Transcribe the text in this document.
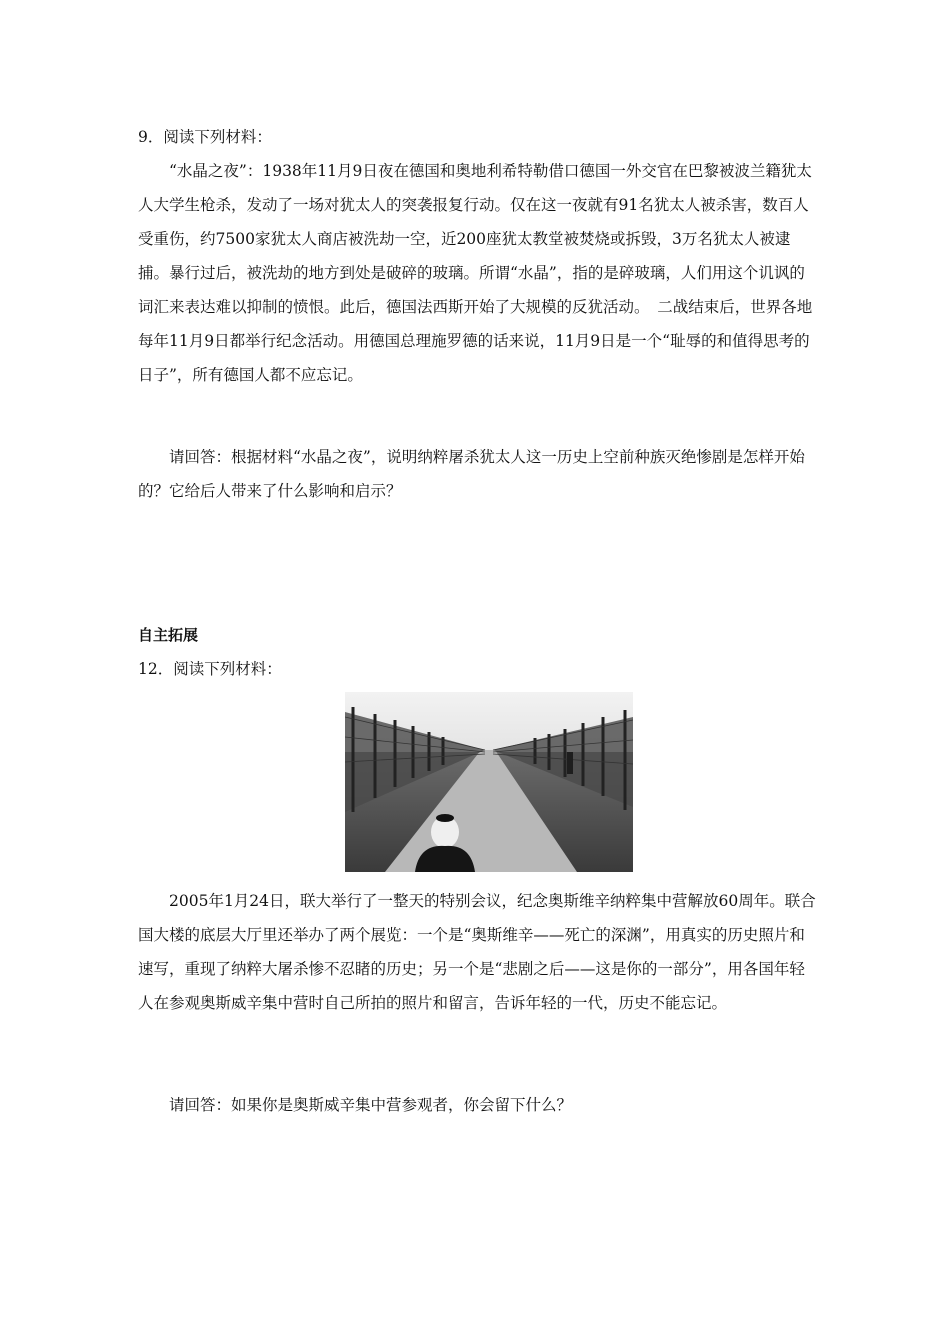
9．阅读下列材料：

“水晶之夜”：1938年11月9日夜在德国和奥地利希特勒借口德国一外交官在巴黎被波兰籍犹太人大学生枪杀，发动了一场对犹太人的突袭报复行动。仅在这一夜就有91名犹太人被杀害，数百人受重伤，约7500家犹太人商店被洗劫一空，近200座犹太教堂被焚烧或拆毁，3万名犹太人被逮捕。暴行过后，被洗劫的地方到处是破碎的玻璃。所谓“水晶”，指的是碎玻璃，人们用这个讥讽的词汇来表达难以抑制的愤恨。此后，德国法西斯开始了大规模的反犹活动。　二战结束后，世界各地每年11月9日都举行纪念活动。用德国总理施罗德的话来说，11月9日是一个“耻辱的和值得思考的日子”，所有德国人都不应忘记。

请回答：根据材料“水晶之夜”，说明纳粹屠杀犹太人这一历史上空前种族灭绝惨剧是怎样开始的？它给后人带来了什么影响和启示？

自主拓展

12．阅读下列材料：

2005年1月24日，联大举行了一整天的特别会议，纪念奥斯维辛纳粹集中营解放60周年。联合国大楼的底层大厅里还举办了两个展览：一个是“奥斯维辛——死亡的深渊”，用真实的历史照片和速写，重现了纳粹大屠杀惨不忍睹的历史；另一个是“悲剧之后——这是你的一部分”，用各国年轻人在参观奥斯威辛集中营时自己所拍的照片和留言，告诉年轻的一代，历史不能忘记。

请回答：如果你是奥斯威辛集中营参观者，你会留下什么？
